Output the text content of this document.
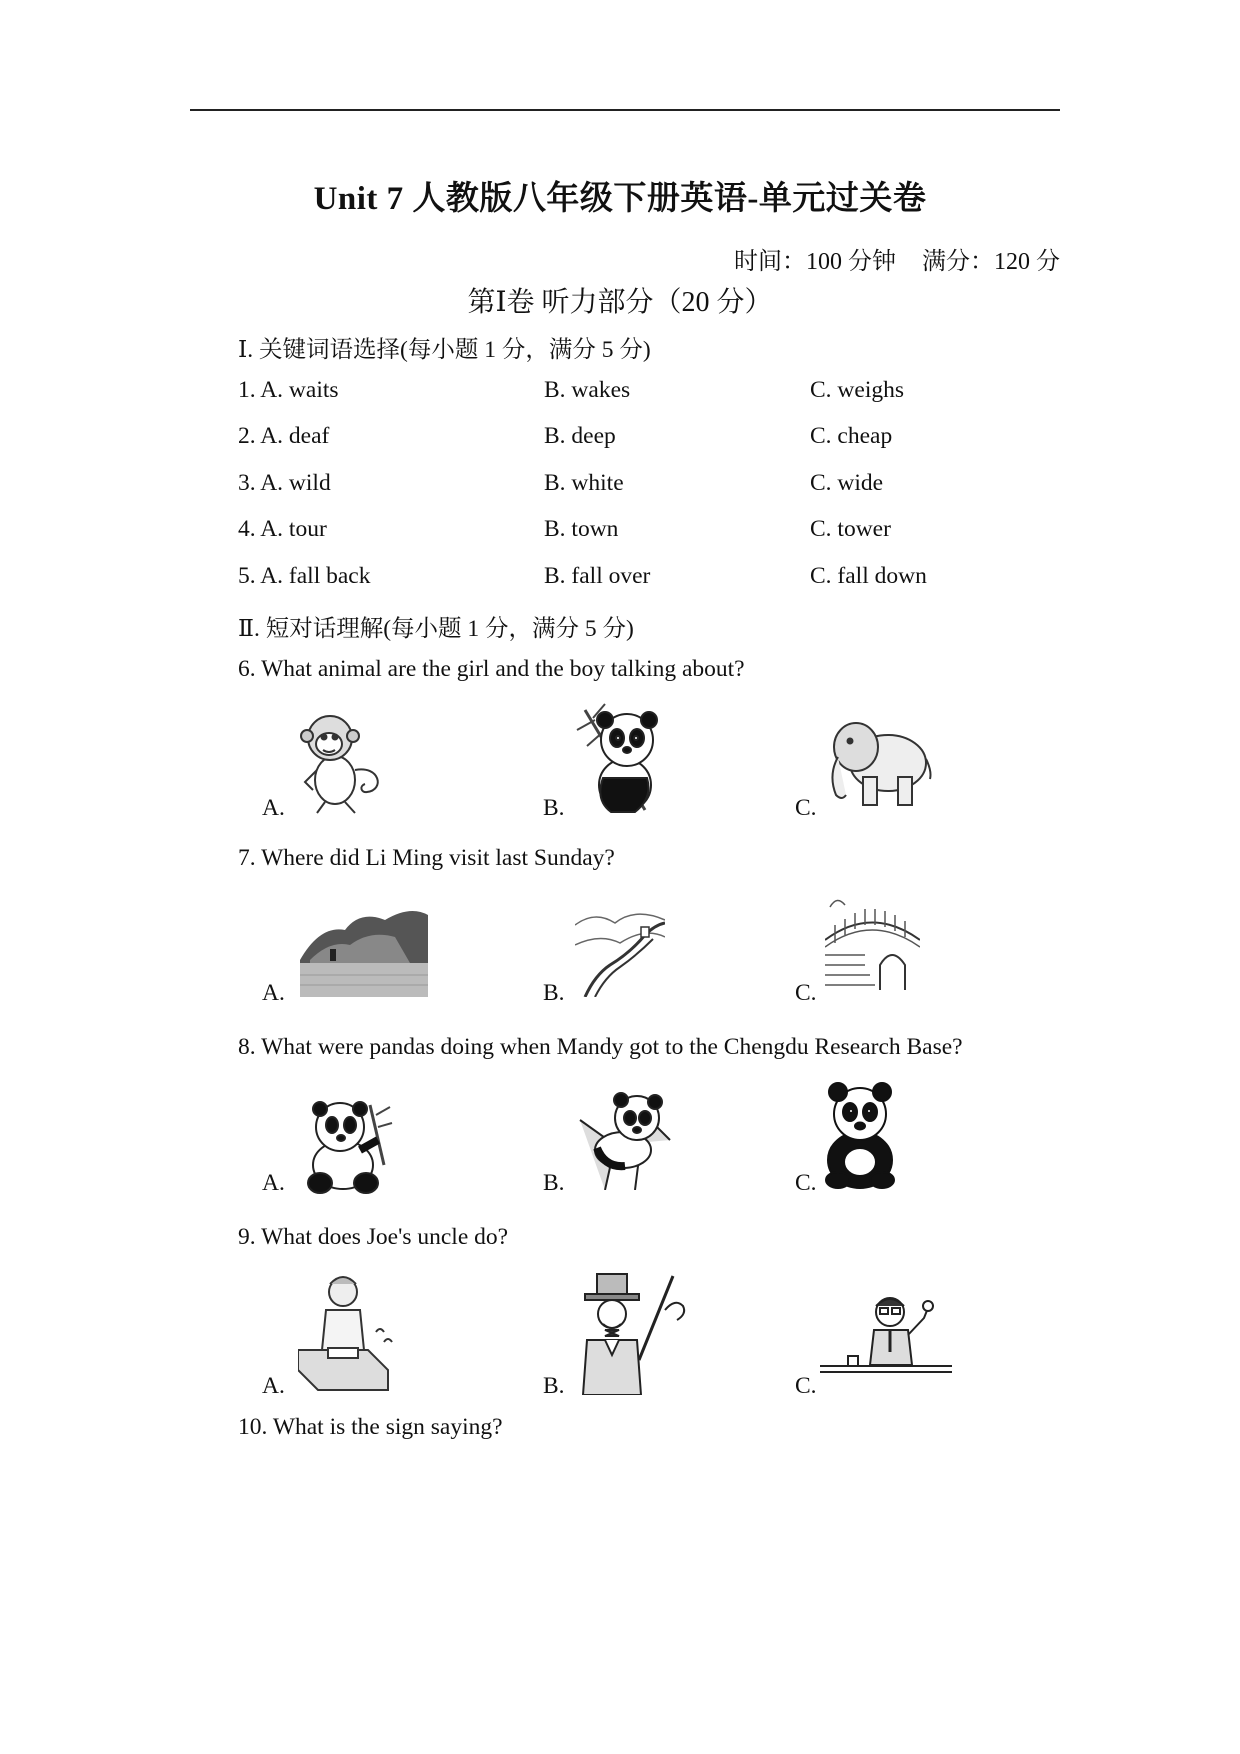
Unit 7 人教版八年级下册英语-单元过关卷
时间：100 分钟 满分：120 分
第Ⅰ卷 听力部分（20 分）
Ⅰ. 关键词语选择(每小题 1 分，满分 5 分)
1. A. waits	B. wakes	C. weighs
2. A. deaf	B. deep	C. cheap
3. A. wild	B. white	C. wide
4. A. tour	B. town	C. tower
5. A. fall back	B. fall over	C. fall down
Ⅱ. 短对话理解(每小题 1 分，满分 5 分)
6. What animal are the girl and the boy talking about?
A.	B.	C.
7. Where did Li Ming visit last Sunday?
A.	B.	C.
8. What were pandas doing when Mandy got to the Chengdu Research Base?
A.	B.	C.
9. What does Joe's uncle do?
A.	B.	C.
10. What is the sign saying?
